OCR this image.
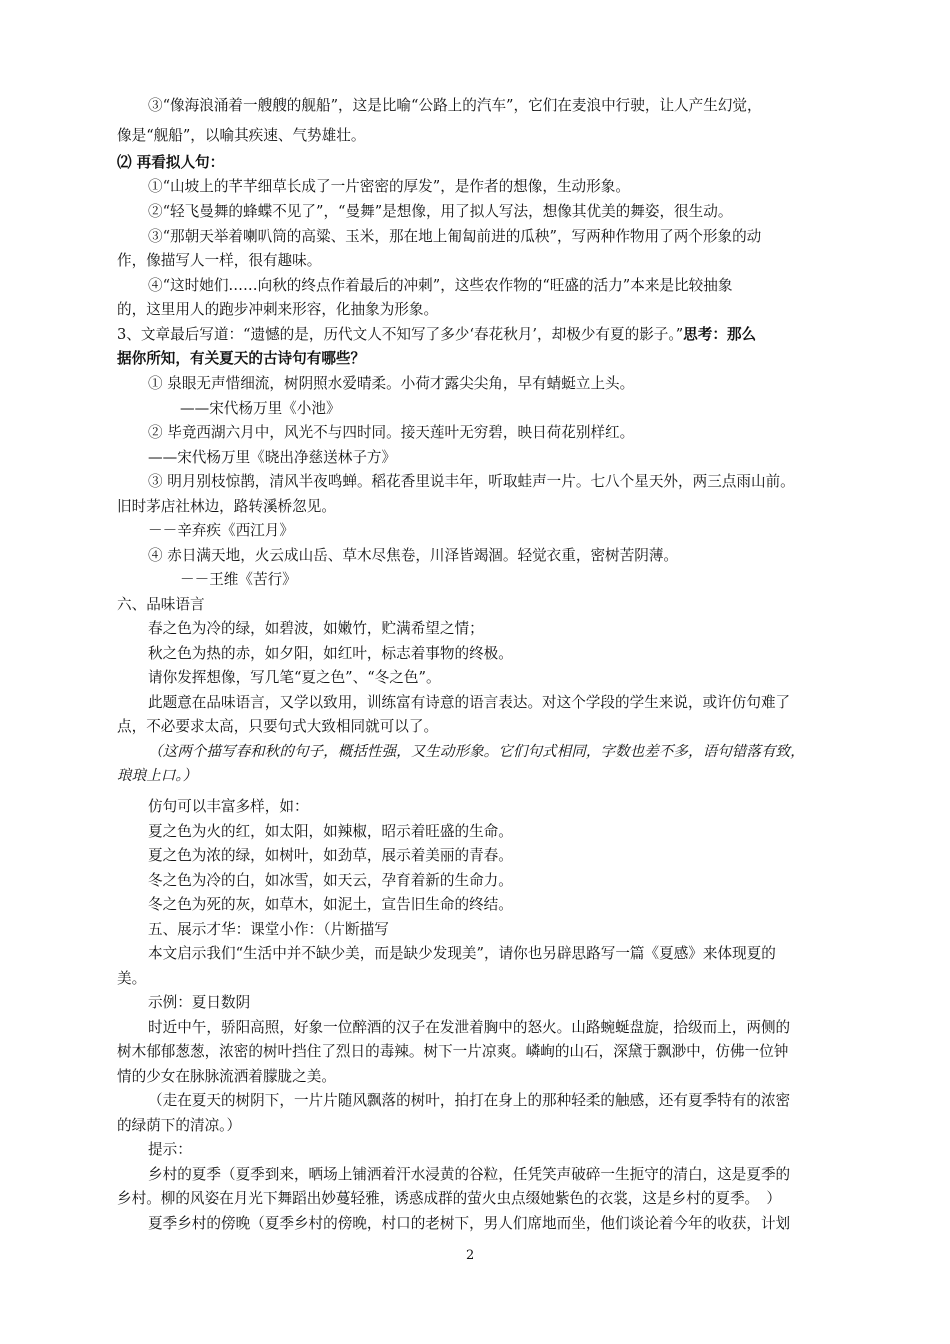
③“像海浪涌着一艘艘的舰船”，这是比喻“公路上的汽车”，它们在麦浪中行驶，让人产生幻觉，
像是“舰船”，以喻其疾速、气势雄壮。
⑵ 再看拟人句：
①“山坡上的芊芊细草长成了一片密密的厚发”，是作者的想像，生动形象。
②“轻飞曼舞的蜂蝶不见了”，“曼舞”是想像，用了拟人写法，想像其优美的舞姿，很生动。
③“那朝天举着喇叭筒的高粱、玉米，那在地上匍匐前进的瓜秧”，写两种作物用了两个形象的动
作，像描写人一样，很有趣味。
④“这时她们……向秋的终点作着最后的冲刺”，这些农作物的“旺盛的活力”本来是比较抽象
的，这里用人的跑步冲刺来形容，化抽象为形象。
3、文章最后写道：“遗憾的是，历代文人不知写了多少‘春花秋月’，却极少有夏的影子。”思考：那么
据你所知，有关夏天的古诗句有哪些？
① 泉眼无声惜细流，树阴照水爱晴柔。小荷才露尖尖角，早有蜻蜓立上头。
——宋代杨万里《小池》
② 毕竟西湖六月中，风光不与四时同。接天莲叶无穷碧，映日荷花别样红。
——宋代杨万里《晓出净慈送林子方》
③ 明月别枝惊鹊，清风半夜鸣蝉。稻花香里说丰年，听取蛙声一片。七八个星天外，两三点雨山前。
旧时茅店社林边，路转溪桥忽见。
－－辛弃疾《西江月》
④ 赤日满天地，火云成山岳、草木尽焦卷，川泽皆竭涸。轻觉衣重，密树苦阴薄。
－－王维《苦行》
六、品味语言
春之色为冷的绿，如碧波，如嫩竹，贮满希望之情；
秋之色为热的赤，如夕阳，如红叶，标志着事物的终极。
请你发挥想像，写几笔“夏之色”、“冬之色”。
此题意在品味语言，又学以致用，训练富有诗意的语言表达。对这个学段的学生来说，或许仿句难了
点，不必要求太高，只要句式大致相同就可以了。
（这两个描写春和秋的句子，概括性强，又生动形象。它们句式相同，字数也差不多，语句错落有致，
琅琅上口。）
仿句可以丰富多样，如：
夏之色为火的红，如太阳，如辣椒，昭示着旺盛的生命。
夏之色为浓的绿，如树叶，如劲草，展示着美丽的青春。
冬之色为冷的白，如冰雪，如天云，孕育着新的生命力。
冬之色为死的灰，如草木，如泥土，宣告旧生命的终结。
五、展示才华：课堂小作：（片断描写
本文启示我们“生活中并不缺少美，而是缺少发现美”，请你也另辟思路写一篇《夏感》来体现夏的
美。
示例：夏日数阴
时近中午，骄阳高照，好象一位醉酒的汉子在发泄着胸中的怒火。山路蜿蜒盘旋，拾级而上，两侧的
树木郁郁葱葱，浓密的树叶挡住了烈日的毒辣。树下一片凉爽。嶙峋的山石，深黛于飘渺中，仿佛一位钟
情的少女在脉脉流洒着朦胧之美。
（走在夏天的树阴下，一片片随风飘落的树叶，拍打在身上的那种轻柔的触感，还有夏季特有的浓密
的绿荫下的清凉。）
提示：
乡村的夏季（夏季到来，晒场上铺洒着汗水浸黄的谷粒，任凭笑声破碎一生扼守的清白，这是夏季的
乡村。柳的风姿在月光下舞蹈出妙蔓轻雅，诱惑成群的萤火虫点缀她紫色的衣裳，这是乡村的夏季。　）
夏季乡村的傍晚（夏季乡村的傍晚，村口的老树下，男人们席地而坐，他们谈论着今年的收获，计划
2
